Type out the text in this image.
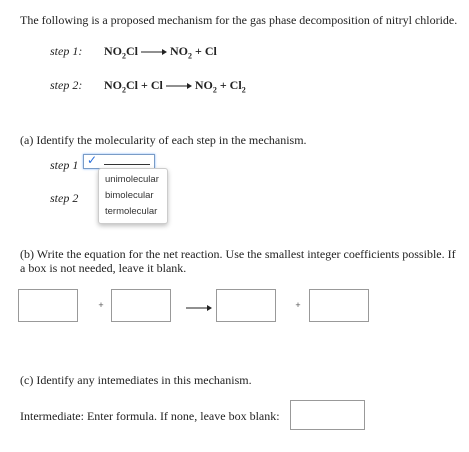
The following is a proposed mechanism for the gas phase decomposition of nitryl chloride.
step 1: $NO_2Cl \to NO_2 + Cl$
step 2: $NO_2Cl + Cl \to NO_2 + Cl_2$
(a) Identify the molecularity of each step in the mechanism.
step 1 ✓
step 2
unimolecular
bimolecular
termolecular
(b) Write the equation for the net reaction. Use the smallest integer coefficients possible. If a box is not needed, leave it blank.
+	+
(c) Identify any intemediates in this mechanism.
Intermediate: Enter formula. If none, leave box blank:
